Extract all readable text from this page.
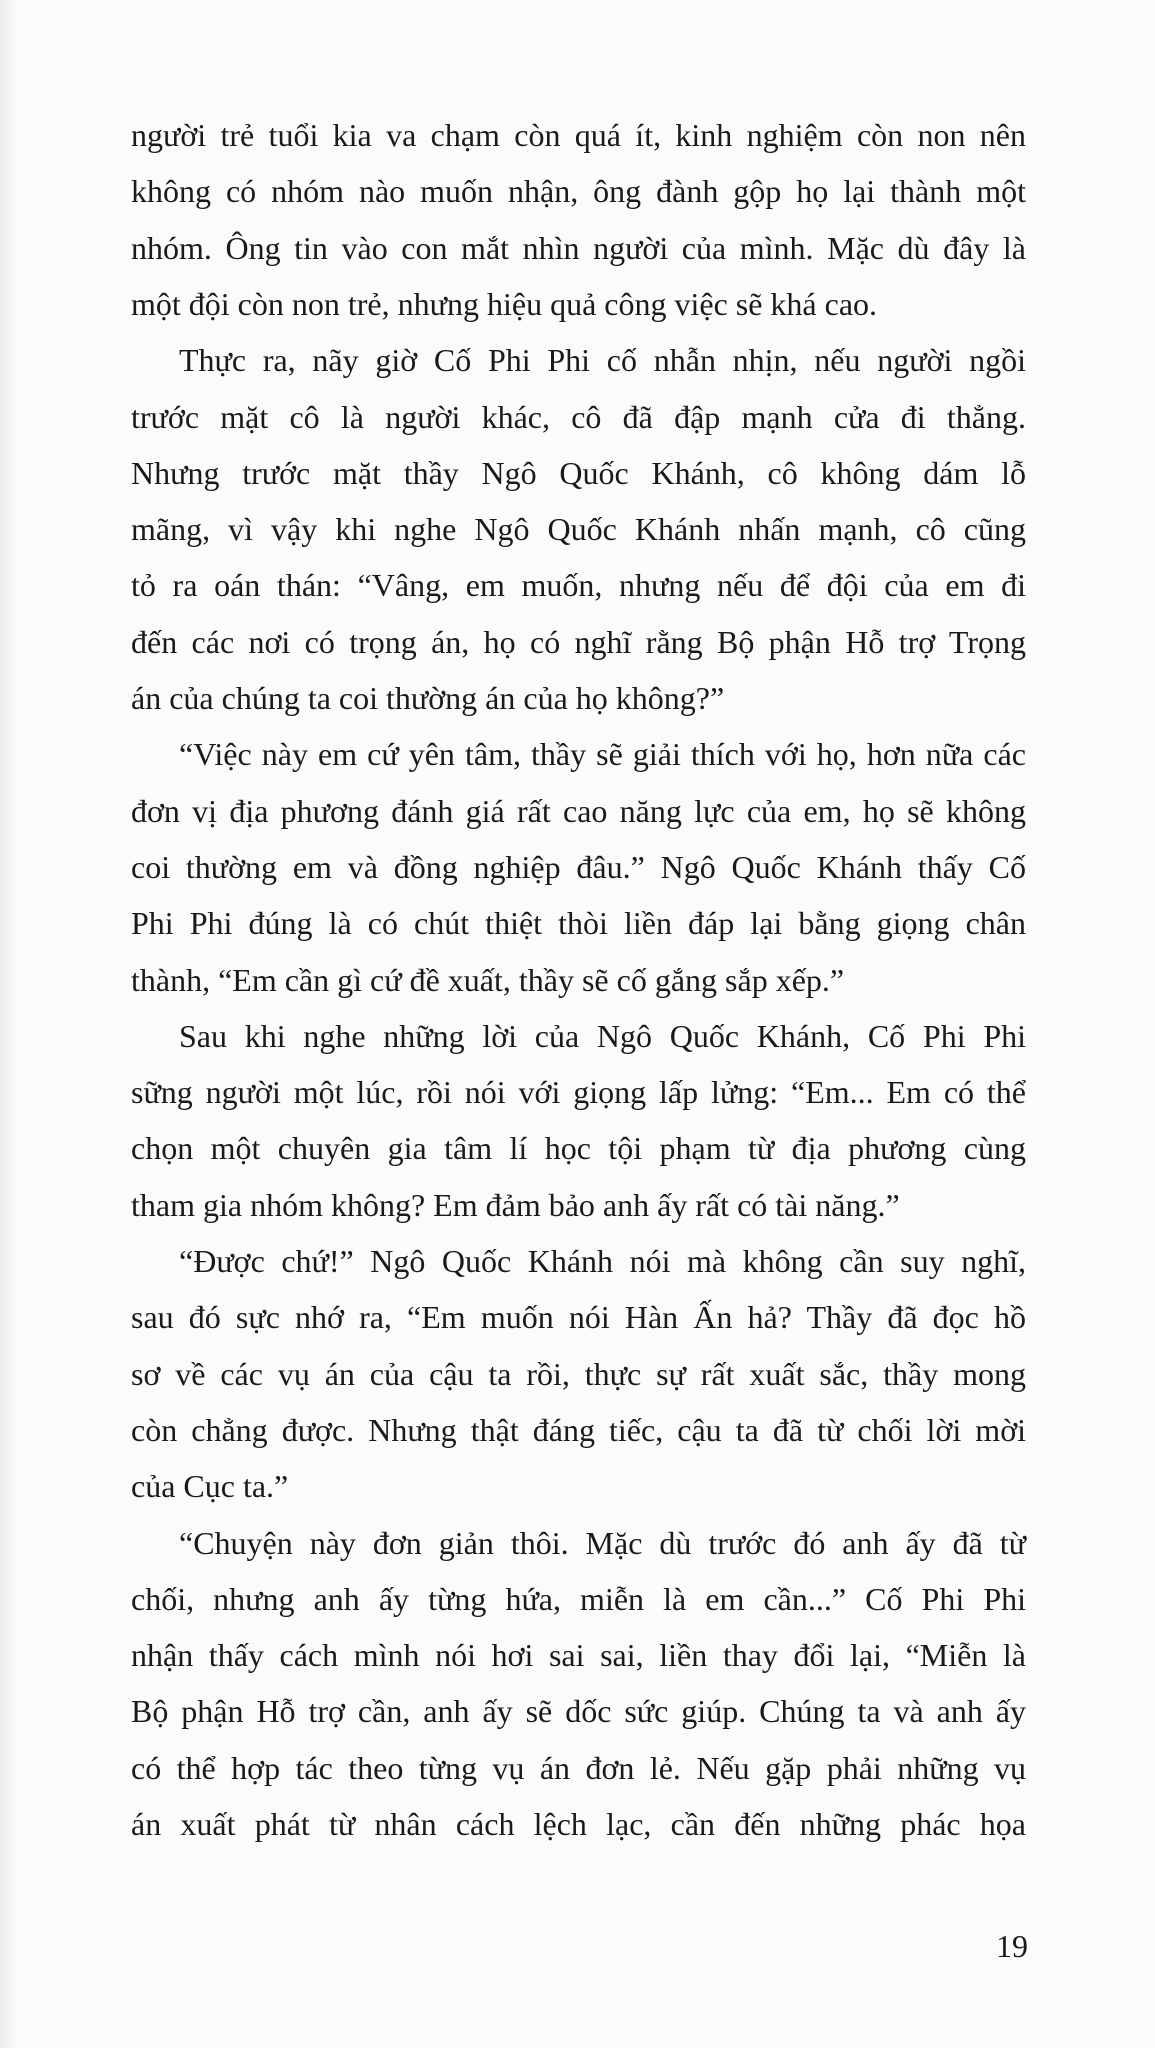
người trẻ tuổi kia va chạm còn quá ít, kinh nghiệm còn non nên
không có nhóm nào muốn nhận, ông đành gộp họ lại thành một
nhóm. Ông tin vào con mắt nhìn người của mình. Mặc dù đây là
một đội còn non trẻ, nhưng hiệu quả công việc sẽ khá cao.
Thực ra, nãy giờ Cố Phi Phi cố nhẫn nhịn, nếu người ngồi
trước mặt cô là người khác, cô đã đập mạnh cửa đi thẳng.
Nhưng trước mặt thầy Ngô Quốc Khánh, cô không dám lỗ
mãng, vì vậy khi nghe Ngô Quốc Khánh nhấn mạnh, cô cũng
tỏ ra oán thán: “Vâng, em muốn, nhưng nếu để đội của em đi
đến các nơi có trọng án, họ có nghĩ rằng Bộ phận Hỗ trợ Trọng
án của chúng ta coi thường án của họ không?”
“Việc này em cứ yên tâm, thầy sẽ giải thích với họ, hơn nữa các
đơn vị địa phương đánh giá rất cao năng lực của em, họ sẽ không
coi thường em và đồng nghiệp đâu.” Ngô Quốc Khánh thấy Cố
Phi Phi đúng là có chút thiệt thòi liền đáp lại bằng giọng chân
thành, “Em cần gì cứ đề xuất, thầy sẽ cố gắng sắp xếp.”
Sau khi nghe những lời của Ngô Quốc Khánh, Cố Phi Phi
sững người một lúc, rồi nói với giọng lấp lửng: “Em... Em có thể
chọn một chuyên gia tâm lí học tội phạm từ địa phương cùng
tham gia nhóm không? Em đảm bảo anh ấy rất có tài năng.”
“Được chứ!” Ngô Quốc Khánh nói mà không cần suy nghĩ,
sau đó sực nhớ ra, “Em muốn nói Hàn Ấn hả? Thầy đã đọc hồ
sơ về các vụ án của cậu ta rồi, thực sự rất xuất sắc, thầy mong
còn chẳng được. Nhưng thật đáng tiếc, cậu ta đã từ chối lời mời
của Cục ta.”
“Chuyện này đơn giản thôi. Mặc dù trước đó anh ấy đã từ
chối, nhưng anh ấy từng hứa, miễn là em cần...” Cố Phi Phi
nhận thấy cách mình nói hơi sai sai, liền thay đổi lại, “Miễn là
Bộ phận Hỗ trợ cần, anh ấy sẽ dốc sức giúp. Chúng ta và anh ấy
có thể hợp tác theo từng vụ án đơn lẻ. Nếu gặp phải những vụ
án xuất phát từ nhân cách lệch lạc, cần đến những phác họa
19
